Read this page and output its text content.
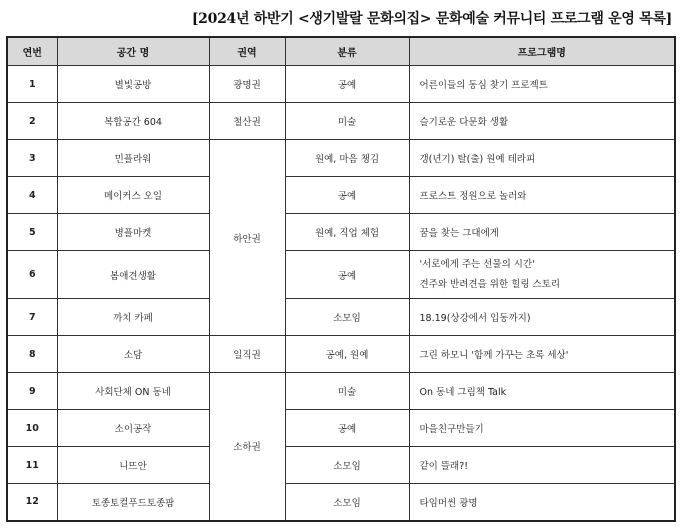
[2024년 하반기 <생기발랄 문화의집> 문화예술 커뮤니티 프로그램 운영 목록]
연번	공간 명	권역	분류	프로그램명
1	별빛공방	광명권	공예	어른이들의 동심 찾기 프로젝트
2	복합공간 604	철산권	미술	슬기로운 다문화 생활
3	민플라워	하안권	원예, 마음 챙김	갱(년기) 탈(출) 원예 테라피
4	메이커스 오일		공예	프로스트 정원으로 놀러와
5	병플마켓		원예, 직업 체험	꿈을 찾는 그대에게
6	봄애견생활		공예	'서로에게 주는 선물의 시간'
견주와 반려견을 위한 힐링 스토리

7	까치 카페		소모임	18.19(상강에서 입동까지)
8	소담	일직권	공예, 원예	그린 하모니 '함께 가꾸는 초록 세상'
9	사회단체 ON 동네	소하권	미술	On 동네 그림책 Talk
10	소이공작		공예	마을친구만들기
11	니뜨안		소모임	같이 뜰래?!
12	토종토컬푸드토종팜		소모임	타임머씬 광명
